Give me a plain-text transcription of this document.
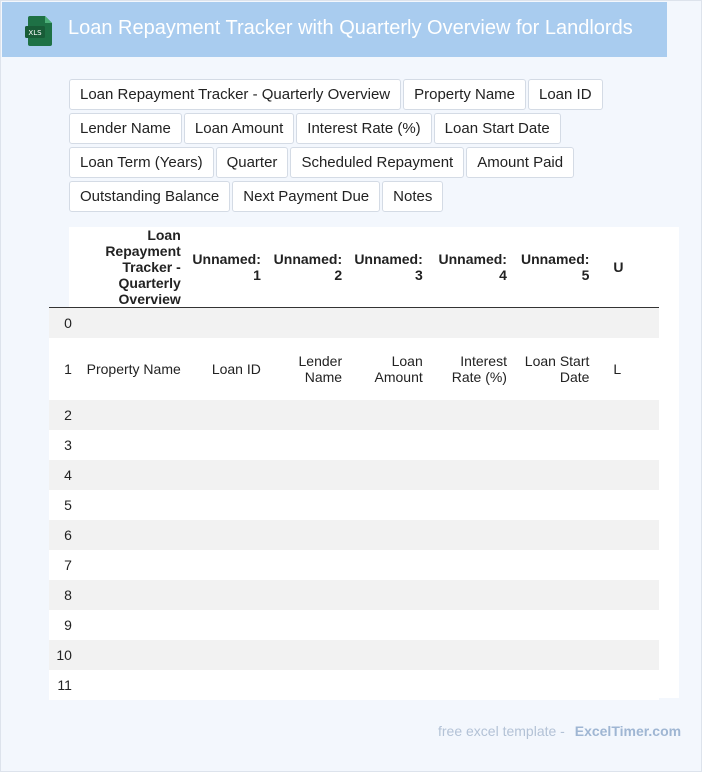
XLS Loan Repayment Tracker with Quarterly Overview for Landlords
Loan Repayment Tracker - Quarterly Overview	Property Name	Loan ID
Lender Name	Loan Amount	Interest Rate (%)	Loan Start Date
Loan Term (Years)	Quarter	Scheduled Repayment	Amount Paid
Outstanding Balance	Next Payment Due	Notes
	Loan Repayment Tracker - Quarterly Overview	Unnamed: 1	Unnamed: 2	Unnamed: 3	Unnamed: 4	Unnamed: 5	U
0							
1	Property Name	Loan ID	Lender Name	Loan Amount	Interest Rate (%)	Loan Start Date	L
2							
3							
4							
5							
6							
7							
8							
9							
10							
11							
free excel template - ExcelTimer.com
